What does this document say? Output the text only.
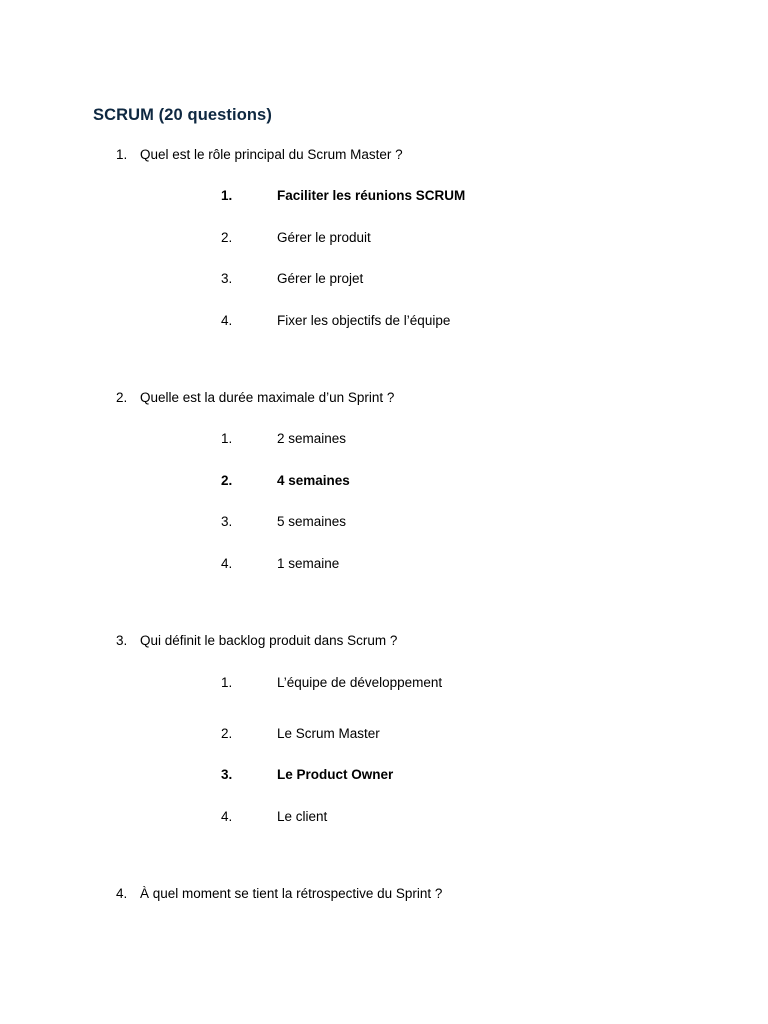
SCRUM (20 questions)
1. Quel est le rôle principal du Scrum Master ?
1.	Faciliter les réunions SCRUM
2.	Gérer le produit
3.	Gérer le projet
4.	Fixer les objectifs de l’équipe
2. Quelle est la durée maximale d’un Sprint ?
1.	2 semaines
2.	4 semaines
3.	5 semaines
4.	1 semaine
3. Qui définit le backlog produit dans Scrum ?
1.	L’équipe de développement
2.	Le Scrum Master
3.	Le Product Owner
4.	Le client
4. À quel moment se tient la rétrospective du Sprint ?
